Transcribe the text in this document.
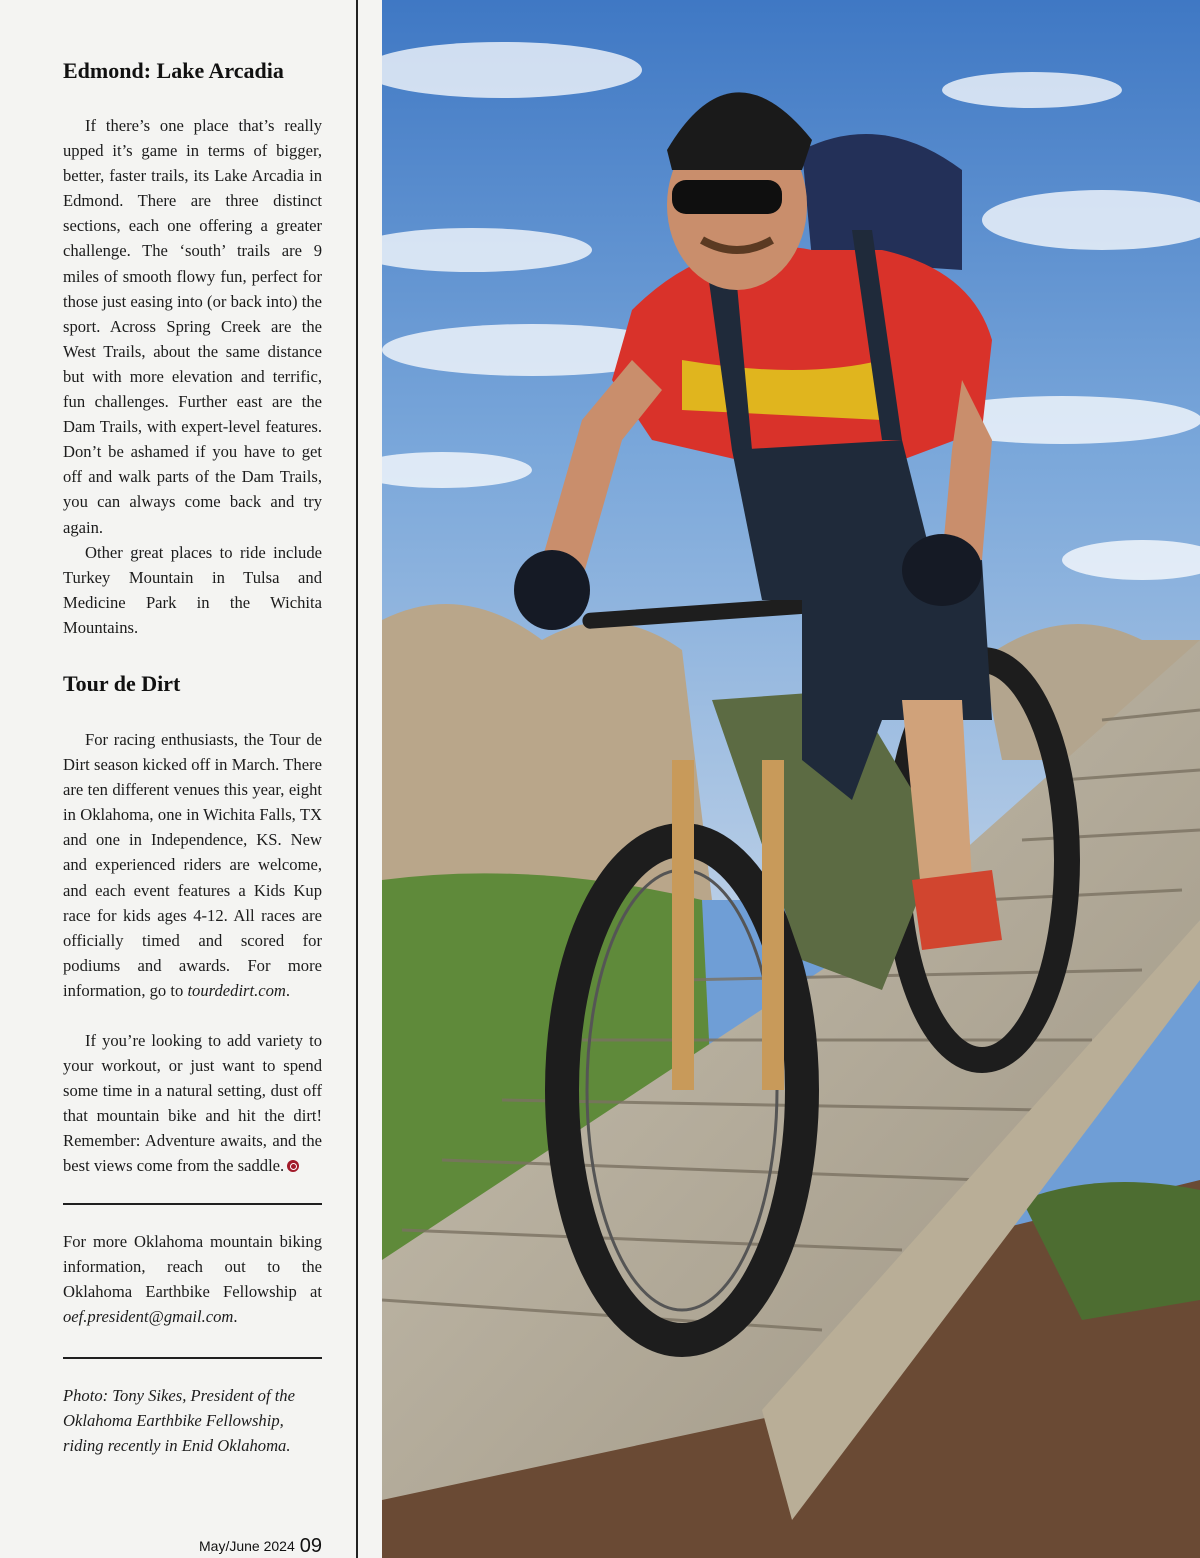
Edmond: Lake Arcadia

If there’s one place that’s really upped it’s game in terms of bigger, better, faster trails, its Lake Arcadia in Edmond. There are three distinct sections, each one offering a greater challenge. The ‘south’ trails are 9 miles of smooth flowy fun, perfect for those just easing into (or back into) the sport. Across Spring Creek are the West Trails, about the same distance but with more elevation and terrific, fun challenges. Further east are the Dam Trails, with expert-level features. Don’t be ashamed if you have to get off and walk parts of the Dam Trails, you can always come back and try again.

Other great places to ride include Turkey Mountain in Tulsa and Medicine Park in the Wichita Mountains.

Tour de Dirt

For racing enthusiasts, the Tour de Dirt season kicked off in March. There are ten different venues this year, eight in Oklahoma, one in Wichita Falls, TX and one in Independence, KS. New and experienced riders are welcome, and each event features a Kids Kup race for kids ages 4-12. All races are officially timed and scored for podiums and awards. For more information, go to tourdedirt.com.

If you’re looking to add variety to your workout, or just want to spend some time in a natural setting, dust off that mountain bike and hit the dirt! Remember: Adventure awaits, and the best views come from the saddle.

For more Oklahoma mountain biking information, reach out to the Oklahoma Earthbike Fellowship at oef.president@gmail.com.

Photo: Tony Sikes, President of the Oklahoma Earthbike Fellowship, riding recently in Enid Oklahoma.

May/June 2024 09
